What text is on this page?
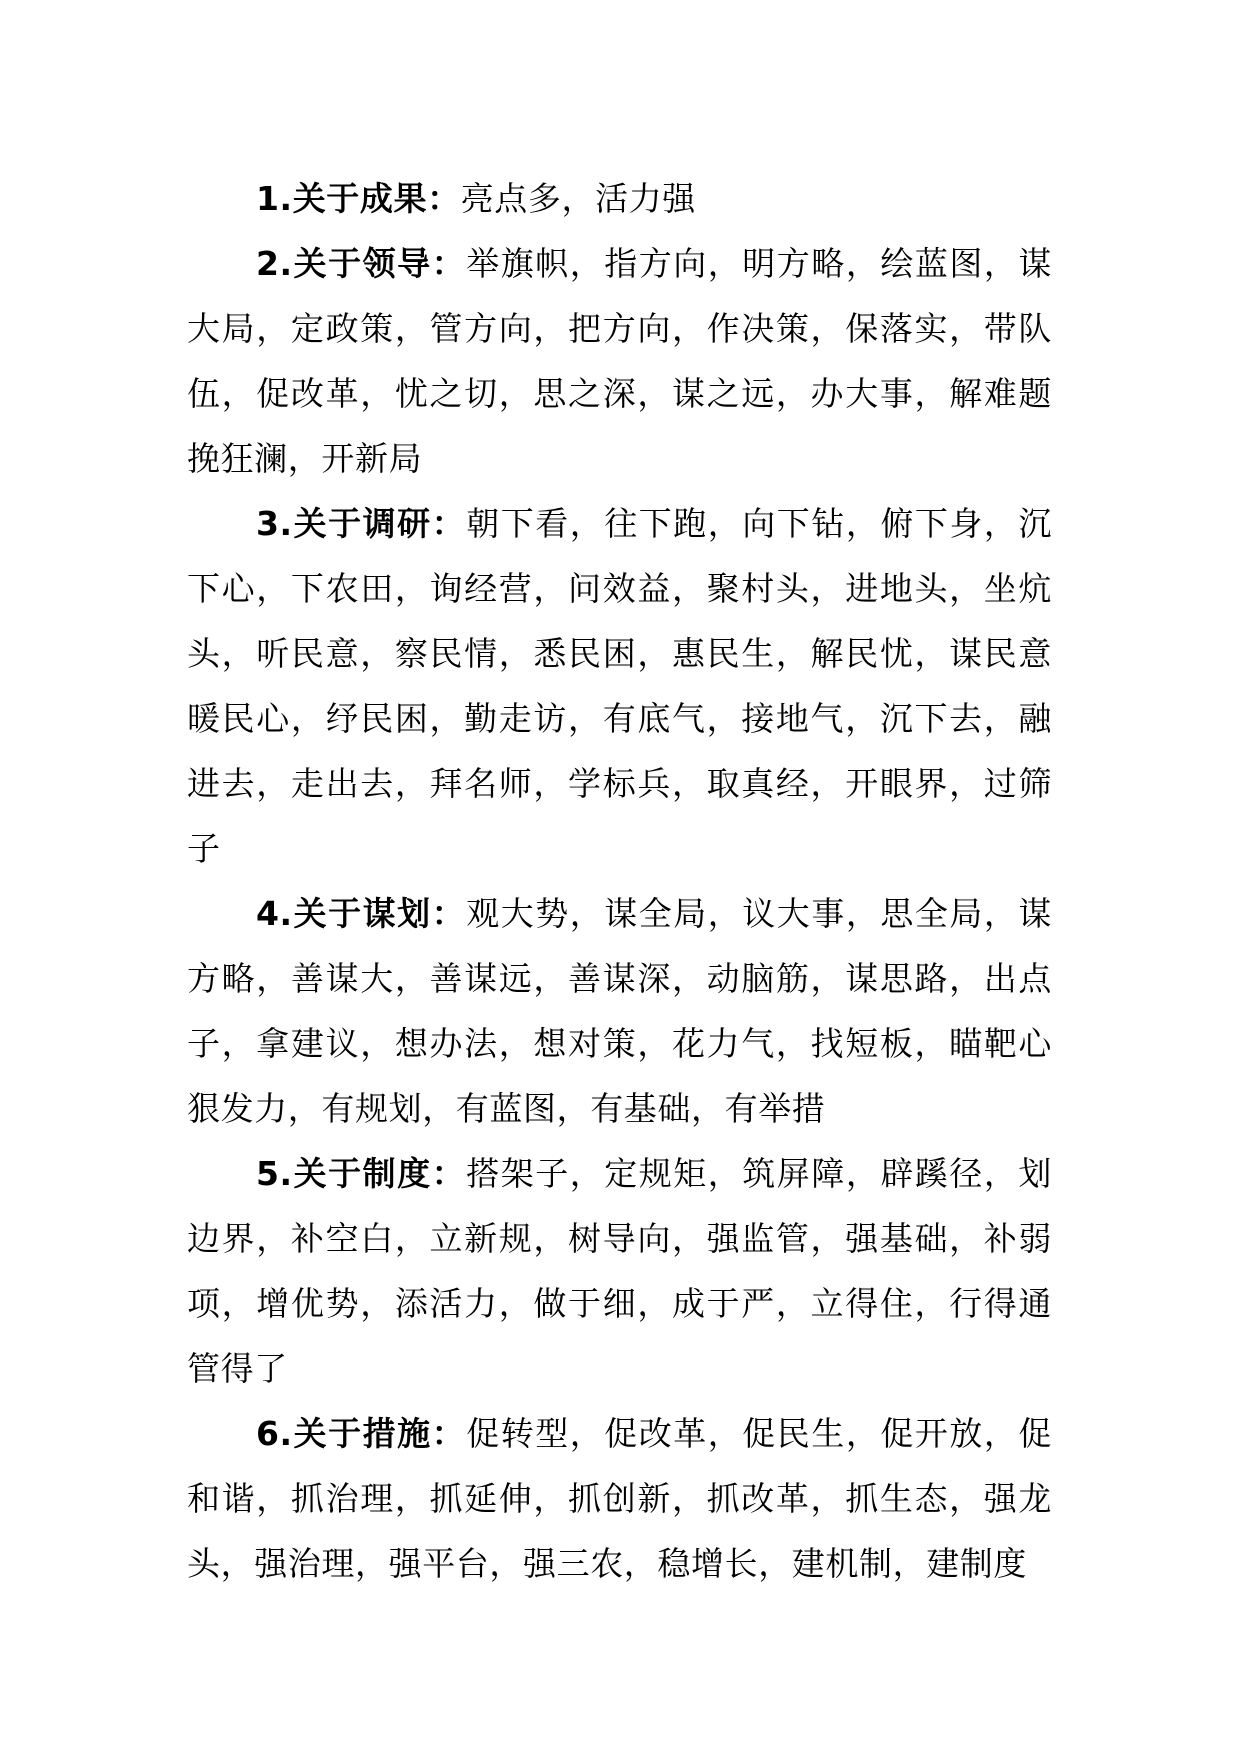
1.关于成果：亮点多，活力强

2.关于领导：举旗帜，指方向，明方略，绘蓝图，谋大局，定政策，管方向，把方向，作决策，保落实，带队伍，促改革，忧之切，思之深，谋之远，办大事，解难题挽狂澜，开新局

3.关于调研：朝下看，往下跑，向下钻，俯下身，沉下心，下农田，询经营，问效益，聚村头，进地头，坐炕头，听民意，察民情，悉民困，惠民生，解民忧，谋民意暖民心，纾民困，勤走访，有底气，接地气，沉下去，融进去，走出去，拜名师，学标兵，取真经，开眼界，过筛子

4.关于谋划：观大势，谋全局，议大事，思全局，谋方略，善谋大，善谋远，善谋深，动脑筋，谋思路，出点子，拿建议，想办法，想对策，花力气，找短板，瞄靶心狠发力，有规划，有蓝图，有基础，有举措

5.关于制度：搭架子，定规矩，筑屏障，辟蹊径，划边界，补空白，立新规，树导向，强监管，强基础，补弱项，增优势，添活力，做于细，成于严，立得住，行得通管得了

6.关于措施：促转型，促改革，促民生，促开放，促和谐，抓治理，抓延伸，抓创新，抓改革，抓生态，强龙头，强治理，强平台，强三农，稳增长，建机制，建制度
